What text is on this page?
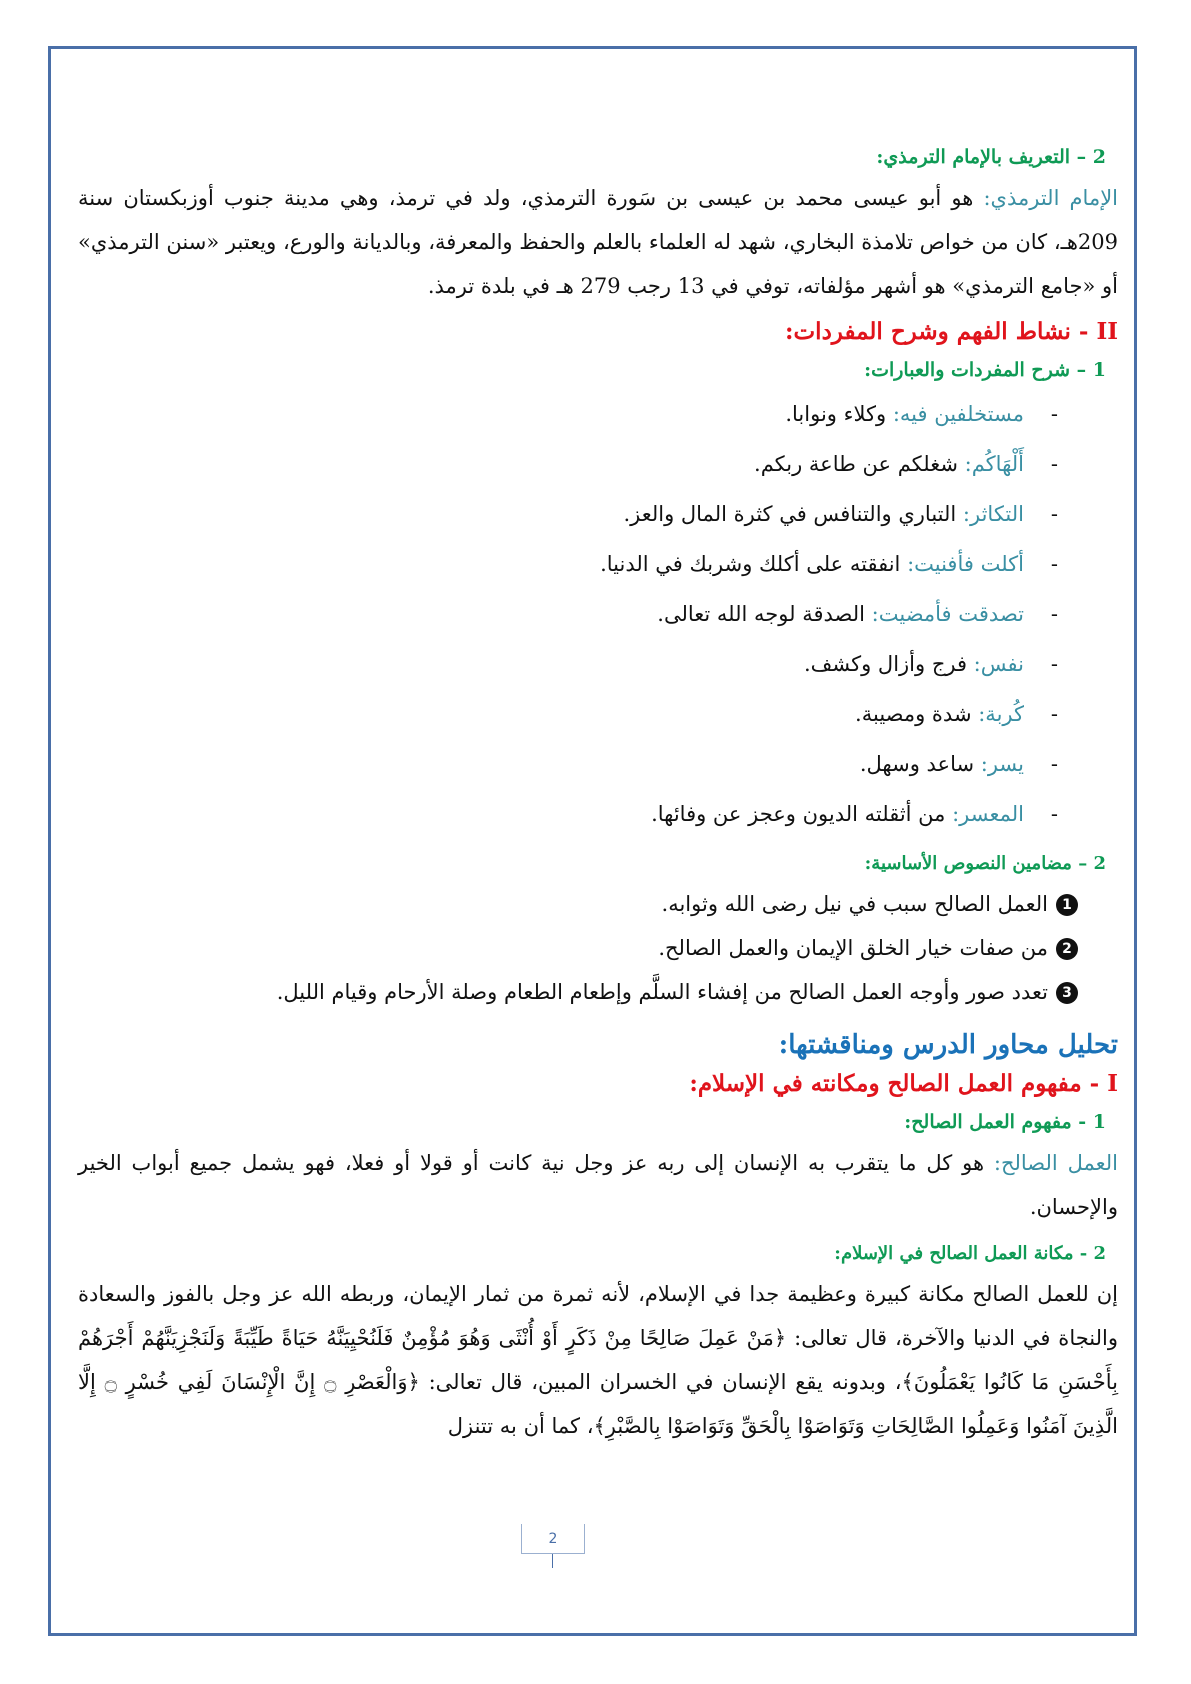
2 – التعريف بالإمام الترمذي:

الإمام الترمذي: هو أبو عيسى محمد بن عيسى بن سَورة الترمذي، ولد في ترمذ، وهي مدينة جنوب أوزبكستان سنة 209هـ، كان من خواص تلامذة البخاري، شهد له العلماء بالعلم والحفظ والمعرفة، وبالديانة والورع، ويعتبر «سنن الترمذي» أو «جامع الترمذي» هو أشهر مؤلفاته، توفي في 13 رجب 279 هـ في بلدة ترمذ.

II - نشاط الفهم وشرح المفردات:
1 – شرح المفردات والعبارات:
-
مستخلفين فيه: وكلاء ونوابا.
-
أَلْهَاكُم: شغلكم عن طاعة ربكم.
-
التكاثر: التباري والتنافس في كثرة المال والعز.
-
أكلت فأفنيت: انفقته على أكلك وشربك في الدنيا.
-
تصدقت فأمضيت: الصدقة لوجه الله تعالى.
-
نفس: فرج وأزال وكشف.
-
كُربة: شدة ومصيبة.
-
يسر: ساعد وسهل.
-
المعسر: من أثقلته الديون وعجز عن وفائها.
2 – مضامين النصوص الأساسية:
1العمل الصالح سبب في نيل رضى الله وثوابه.
2من صفات خيار الخلق الإيمان والعمل الصالح.
3تعدد صور وأوجه العمل الصالح من إفشاء السلَّم وإطعام الطعام وصلة الأرحام وقيام الليل.
تحليل محاور الدرس ومناقشتها:
I - مفهوم العمل الصالح ومكانته في الإسلام:
1 - مفهوم العمل الصالح:

العمل الصالح: هو كل ما يتقرب به الإنسان إلى ربه عز وجل نية كانت أو قولا أو فعلا، فهو يشمل جميع أبواب الخير والإحسان.

2 - مكانة العمل الصالح في الإسلام:

إن للعمل الصالح مكانة كبيرة وعظيمة جدا في الإسلام، لأنه ثمرة من ثمار الإيمان، وربطه الله عز وجل بالفوز والسعادة والنجاة في الدنيا والآخرة، قال تعالى: ﴿مَنْ عَمِلَ صَالِحًا مِنْ ذَكَرٍ أَوْ أُنْثَى وَهُوَ مُؤْمِنٌ فَلَنُحْيِيَنَّهُ حَيَاةً طَيِّبَةً وَلَنَجْزِيَنَّهُمْ أَجْرَهُمْ بِأَحْسَنِ مَا كَانُوا يَعْمَلُونَ﴾، وبدونه يقع الإنسان في الخسران المبين، قال تعالى: ﴿وَالْعَصْرِ ۝ إِنَّ الْإِنْسَانَ لَفِي خُسْرٍ ۝ إِلَّا الَّذِينَ آمَنُوا وَعَمِلُوا الصَّالِحَاتِ وَتَوَاصَوْا بِالْحَقِّ وَتَوَاصَوْا بِالصَّبْرِ﴾، كما أن به تتنزل

2
